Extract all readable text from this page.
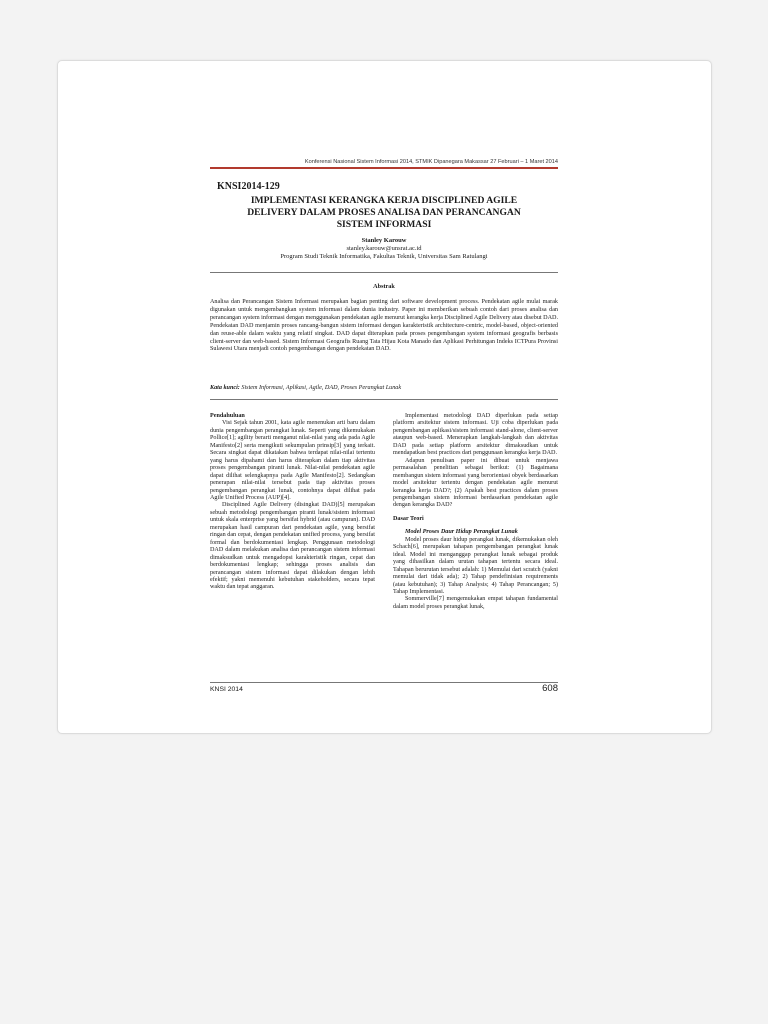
Konferensi Nasional Sistem Informasi 2014, STMIK Dipanegara Makassar 27 Februari – 1 Maret 2014
KNSI2014-129
IMPLEMENTASI KERANGKA KERJA DISCIPLINED AGILE
DELIVERY DALAM PROSES ANALISA DAN PERANCANGAN
SISTEM INFORMASI
Stanley Karouw
stanley.karouw@unsrat.ac.id
Program Studi Teknik Informatika, Fakultas Teknik, Universitas Sam Ratulangi
Abstrak
Analisa dan Perancangan Sistem Informasi merupakan bagian penting dari software development process. Pendekatan agile mulai marak digunakan untuk mengembangkan system informasi dalam dunia industry. Paper ini memberikan sebuah contoh dari proses analisa dan perancangan system informasi dengan menggunakan pendekatan agile menurut kerangka kerja Disciplined Agile Delivery atau disebut DAD. Pendekatan DAD menjamin proses rancang-bangun sistem informasi dengan karakteristik architecture-centric, model-based, object-oriented dan reuse-able dalam waktu yang relatif singkat. DAD dapat diterapkan pada proses pengembangan system informasi geografis berbasis client-server dan web-based. Sistem Informasi Geografis Ruang Tata Hijau Kota Manado dan Aplikasi Perhitungan Indeks ICTPura Provinsi Sulawesi Utara menjadi contoh pengembangan dengan pendekatan DAD.
Kata kunci: Sistem Informasi, Aplikasi, Agile, DAD, Proses Perangkat Lunak
Pendahuluan

Visi Sejak tahun 2001, kata agile menenukan arti baru dalam dunia pengembangan perangkat lunak. Seperti yang dikemukakan Pollice[1]; agility berarti menganut nilai-nilai yang ada pada Agile Manifesto[2] serta mengikuti sekumpulan prinsip[3] yang terkait. Secara singkat dapat dikatakan bahwa terdapat nilai-nilai tertentu yang harus dipahami dan harus diterapkan dalam tiap aktivitas proses pengembangan piranti lunak. Nilai-nilai pendekatan agile dapat dilihat selengkapnya pada Agile Manifesto[2]. Sedangkan penerapan nilai-nilai tersebut pada tiap aktivitas proses pengembangan perangkat lunak, contohnya dapat dilihat pada Agile Unified Process (AUP)[4].

Disciplined Agile Delivery (disingkat DAD)[5] merupakan sebuah metodologi pengembangan piranti lunak/sistem informasi untuk skala enterprise yang bersifat hybrid (atau campuran). DAD merupakan hasil campuran dari pendekatan agile, yang bersifat ringan dan cepat, dengan pendekatan unified process, yang bersifat formal dan berdokumentasi lengkap. Penggunaan metodologi DAD dalam melakukan analisa dan perancangan sistem informasi dimaksudkan untuk mengadopsi karakteristik ringan, cepat dan berdokumentasi lengkap; sehingga proses analisis dan perancangan sistem informasi dapat dilakukan dengan lebih efektif; yakni memenuhi kebutuhan stakeholders, secara tepat waktu dan tepat anggaran.

Implementasi metodologi DAD diperlukan pada setiap platform arsitektur sistem informasi. Uji coba diperlukan pada pengembangan aplikasi/sistem informasi stand-alone, client-server ataupun web-based. Menerapkan langkah-langkah dan aktivitas DAD pada setiap platform arsitektur dimaksudkan untuk mendapatkan best practices dari penggunaan kerangka kerja DAD.

Adapun penulisan paper ini dibuat untuk menjawa permasalahan penelitian sebagai berikut: (1) Bagaimana membangun sistem informasi yang berorientasi obyek berdasarkan model arsitektur tertentu dengan pendekatan agile menurut kerangka kerja DAD?; (2) Apakah best practices dalam proses pengembangan sistem informasi berdasarkan pendekatan agile dengan kerangka DAD?

Dasar Teori
Model Proses Daur Hidup Perangkat Lunak

Model proses daur hidup perangkat lunak, dikemukakan oleh Schach[6], merupakan tahapan pengembangan perangkat lunak ideal. Model ini menganggap perangkat lunak sebagai produk yang dihasilkan dalam urutan tahapan tertentu secara ideal. Tahapan berurutan tersebut adalah: 1) Memulai dari scratch (yakni memulai dari tidak ada); 2) Tahap pendefinisian requirements (atau kebutuhan); 3) Tahap Analysis; 4) Tahap Perancangan; 5) Tahap Implementasi.

Sommerville[7] mengemukakan empat tahapan fundamental dalam model proses perangkat lunak,

KNSI 2014	608
